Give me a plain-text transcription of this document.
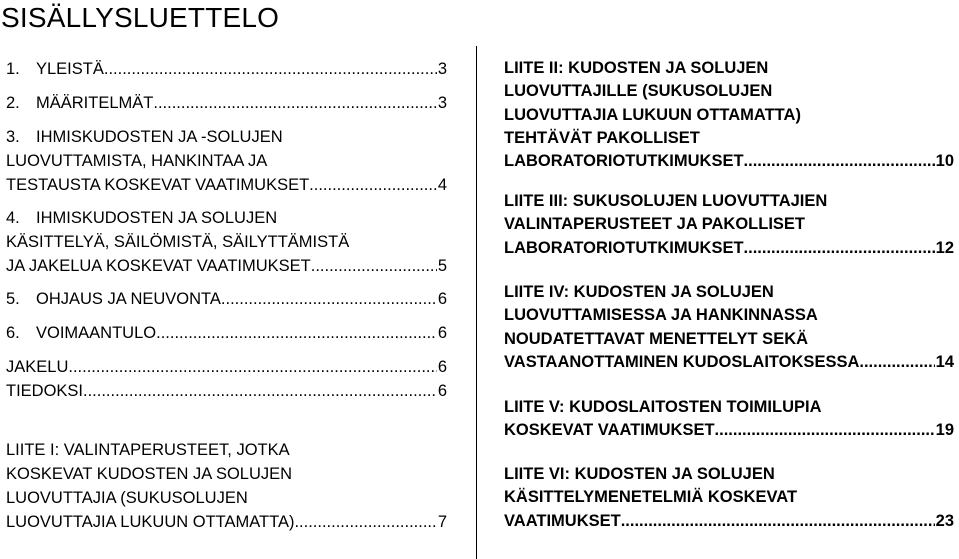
SISÄLLYSLUETTELO
1. YLEISTÄ .....	3
2. MÄÄRITELMÄT .....	3
3. IHMISKUDOSTEN JA -SOLUJEN
LUOVUTTAMISTA, HANKINTAA JA
TESTAUSTA KOSKEVAT VAATIMUKSET .....	4
4. IHMISKUDOSTEN JA SOLUJEN
KÄSITTELYÄ, SÄILÖMISTÄ, SÄILYTTÄMISTÄ
JA JAKELUA KOSKEVAT VAATIMUKSET .....	5
5. OHJAUS JA NEUVONTA .....	6
6. VOIMAANTULO .....	6
JAKELU .....	6
TIEDOKSI .....	6
LIITE I: VALINTAPERUSTEET, JOTKA
KOSKEVAT KUDOSTEN JA SOLUJEN
LUOVUTTAJIA (SUKUSOLUJEN
LUOVUTTAJIA LUKUUN OTTAMATTA) .....	7
LIITE II: KUDOSTEN JA SOLUJEN
LUOVUTTAJILLE (SUKUSOLUJEN
LUOVUTTAJIA LUKUUN OTTAMATTA)
TEHTÄVÄT PAKOLLISET
LABORATORIOTUTKIMUKSET .....	10
LIITE III: SUKUSOLUJEN LUOVUTTAJIEN
VALINTAPERUSTEET JA PAKOLLISET
LABORATORIOTUTKIMUKSET .....	12
LIITE IV: KUDOSTEN JA SOLUJEN
LUOVUTTAMISESSA JA HANKINNASSA
NOUDATETTAVAT MENETTELYT SEKÄ
VASTAANOTTAMINEN KUDOSLAITOKSESSA .....	14
LIITE V: KUDOSLAITOSTEN TOIMILUPIA
KOSKEVAT VAATIMUKSET .....	19
LIITE VI: KUDOSTEN JA SOLUJEN
KÄSITTELYMENETELMIÄ KOSKEVAT
VAATIMUKSET .....	23
